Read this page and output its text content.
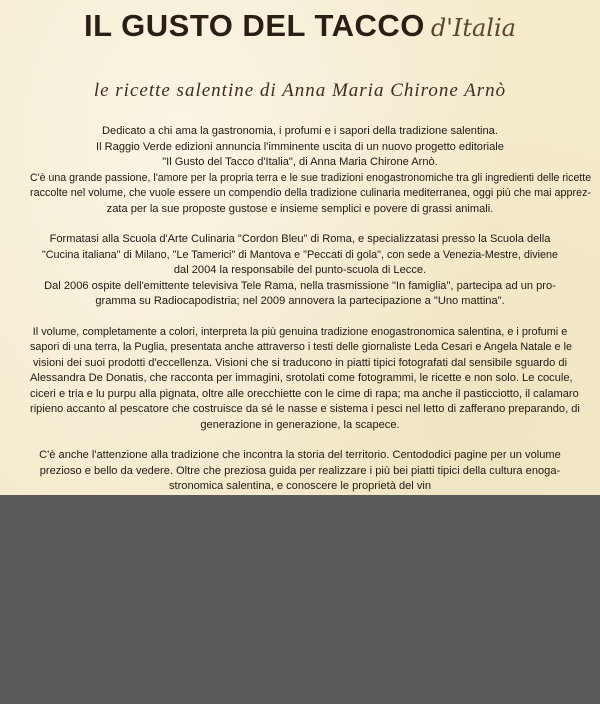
IL GUSTO DEL TACCO d'Italia
le ricette salentine di Anna Maria Chirone Arnò

Dedicato a chi ama la gastronomia, i profumi e i sapori della tradizione salentina.
Il Raggio Verde edizioni annuncia l'imminente uscita di un nuovo progetto editoriale
"Il Gusto del Tacco d'Italia", di Anna Maria Chirone Arnò.
C'è una grande passione, l'amore per la propria terra e le sue tradizioni enogastronomiche tra gli ingredienti delle ricette
raccolte nel volume, che vuole essere un compendio della tradizione culinaria mediterranea, oggi più che mai apprez-
zata per la sue proposte gustose e insieme semplici e povere di grassi animali.

Formatasi alla Scuola d'Arte Culinaria "Cordon Bleu" di Roma, e specializzatasi presso la Scuola della
"Cucina italiana" di Milano, "Le Tamerici" di Mantova e "Peccati di gola", con sede a Venezia-Mestre, diviene
dal 2004 la responsabile del punto-scuola di Lecce.
Dal 2006 ospite dell'emittente televisiva Tele Rama, nella trasmissione "In famiglia", partecipa ad un pro-
gramma su Radiocapodistria; nel 2009 annovera la partecipazione a "Uno mattina".

Il volume, completamente a colori, interpreta la più genuina tradizione enogastronomica salentina, e i profumi e
sapori di una terra, la Puglia, presentata anche attraverso i testi delle giornaliste Leda Cesari e Angela Natale e le
visioni dei suoi prodotti d'eccellenza. Visioni che si traducono in piatti tipici fotografati dal sensibile sguardo di
Alessandra De Donatis, che racconta per immagini, srotolati come fotogrammi, le ricette e non solo. Le cocule,
ciceri e tria e lu purpu alla pignata, oltre alle orecchiette con le cime di rapa; ma anche il pasticciotto, il calamaro
ripieno accanto al pescatore che costruisce da sé le nasse e sistema i pesci nel letto di zafferano preparando, di
generazione in generazione, la scapece.

C'è anche l'attenzione alla tradizione che incontra la storia del territorio. Centododici pagine per un volume
prezioso e bello da vedere. Oltre che preziosa guida per realizzare i più bei piatti tipici della cultura enoga-
stronomica salentina, e conoscere le proprietà del vin
